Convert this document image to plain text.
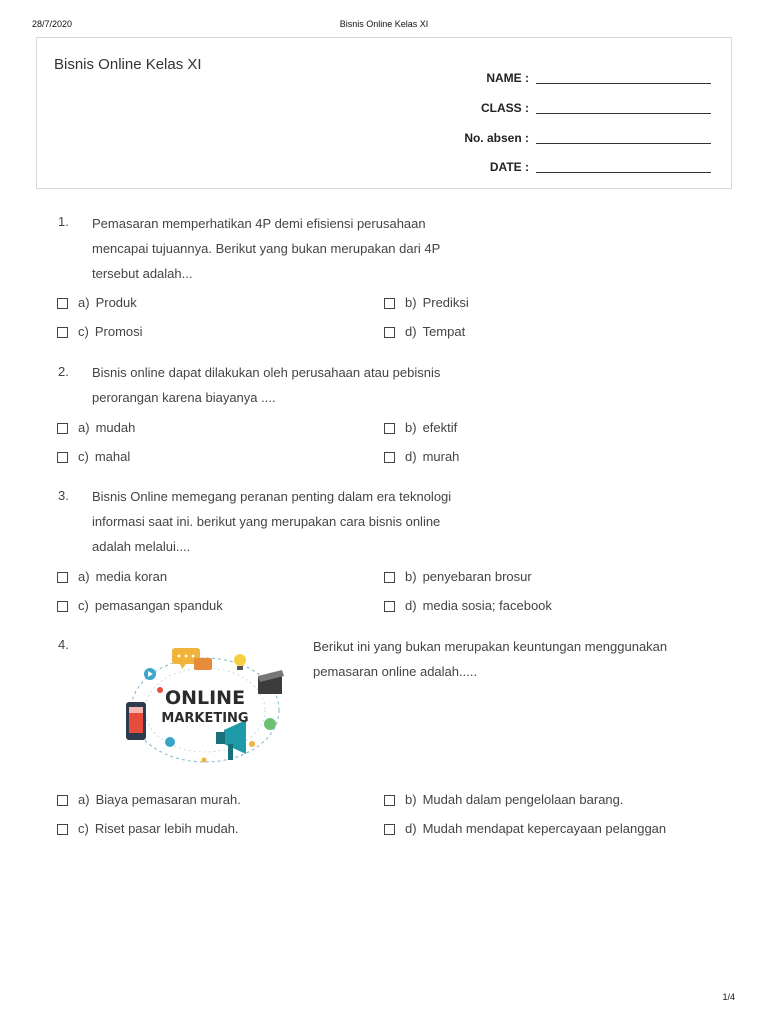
28/7/2020	Bisnis Online Kelas XI
Bisnis Online Kelas XI
NAME :
CLASS :
No. absen :
DATE :
1. Pemasaran memperhatikan 4P demi efisiensi perusahaan
mencapai tujuannya. Berikut yang bukan merupakan dari 4P
tersebut adalah...
a) Produk	b) Prediksi
c) Promosi	d) Tempat
2. Bisnis online dapat dilakukan oleh perusahaan atau pebisnis
perorangan karena biayanya ....
a) mudah	b) efektif
c) mahal	d) murah
3. Bisnis Online memegang peranan penting dalam era teknologi
informasi saat ini. berikut yang merupakan cara bisnis online
adalah melalui....
a) media koran	b) penyebaran brosur
c) pemasangan spanduk	d) media sosia; facebook
4.
ONLINE
MARKETING
Berikut ini yang bukan merupakan keuntungan menggunakan
pemasaran online adalah.....
a) Biaya pemasaran murah.	b) Mudah dalam pengelolaan barang.
c) Riset pasar lebih mudah.	d) Mudah mendapat kepercayaan pelanggan
1/4
